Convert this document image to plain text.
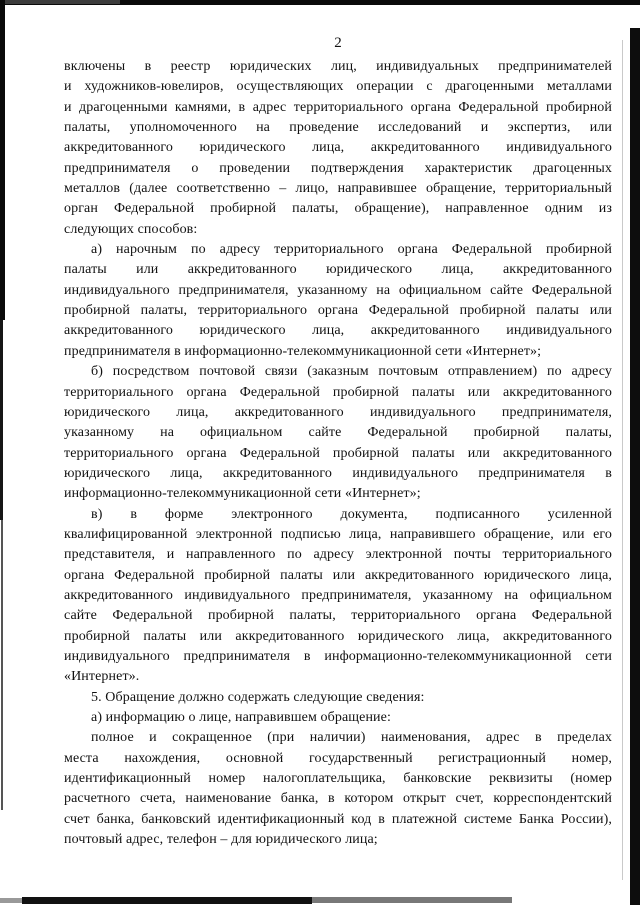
2
включены в реестр юридических лиц, индивидуальных предпринимателей
и художников-ювелиров, осуществляющих операции с драгоценными металлами
и драгоценными камнями, в адрес территориального органа Федеральной пробирной
палаты, уполномоченного на проведение исследований и экспертиз, или
аккредитованного юридического лица, аккредитованного индивидуального
предпринимателя о проведении подтверждения характеристик драгоценных
металлов (далее соответственно – лицо, направившее обращение, территориальный
орган Федеральной пробирной палаты, обращение), направленное одним из
следующих способов:
а) нарочным по адресу территориального органа Федеральной пробирной
палаты или аккредитованного юридического лица, аккредитованного
индивидуального предпринимателя, указанному на официальном сайте Федеральной
пробирной палаты, территориального органа Федеральной пробирной палаты или
аккредитованного юридического лица, аккредитованного индивидуального
предпринимателя в информационно-телекоммуникационной сети «Интернет»;
б) посредством почтовой связи (заказным почтовым отправлением) по адресу
территориального органа Федеральной пробирной палаты или аккредитованного
юридического лица, аккредитованного индивидуального предпринимателя,
указанному на официальном сайте Федеральной пробирной палаты,
территориального органа Федеральной пробирной палаты или аккредитованного
юридического лица, аккредитованного индивидуального предпринимателя в
информационно-телекоммуникационной сети «Интернет»;
в) в форме электронного документа, подписанного усиленной
квалифицированной электронной подписью лица, направившего обращение, или его
представителя, и направленного по адресу электронной почты территориального
органа Федеральной пробирной палаты или аккредитованного юридического лица,
аккредитованного индивидуального предпринимателя, указанному на официальном
сайте Федеральной пробирной палаты, территориального органа Федеральной
пробирной палаты или аккредитованного юридического лица, аккредитованного
индивидуального предпринимателя в информационно-телекоммуникационной сети
«Интернет».
5. Обращение должно содержать следующие сведения:
а) информацию о лице, направившем обращение:
полное и сокращенное (при наличии) наименования, адрес в пределах
места нахождения, основной государственный регистрационный номер,
идентификационный номер налогоплательщика, банковские реквизиты (номер
расчетного счета, наименование банка, в котором открыт счет, корреспондентский
счет банка, банковский идентификационный код в платежной системе Банка России),
почтовый адрес, телефон – для юридического лица;
